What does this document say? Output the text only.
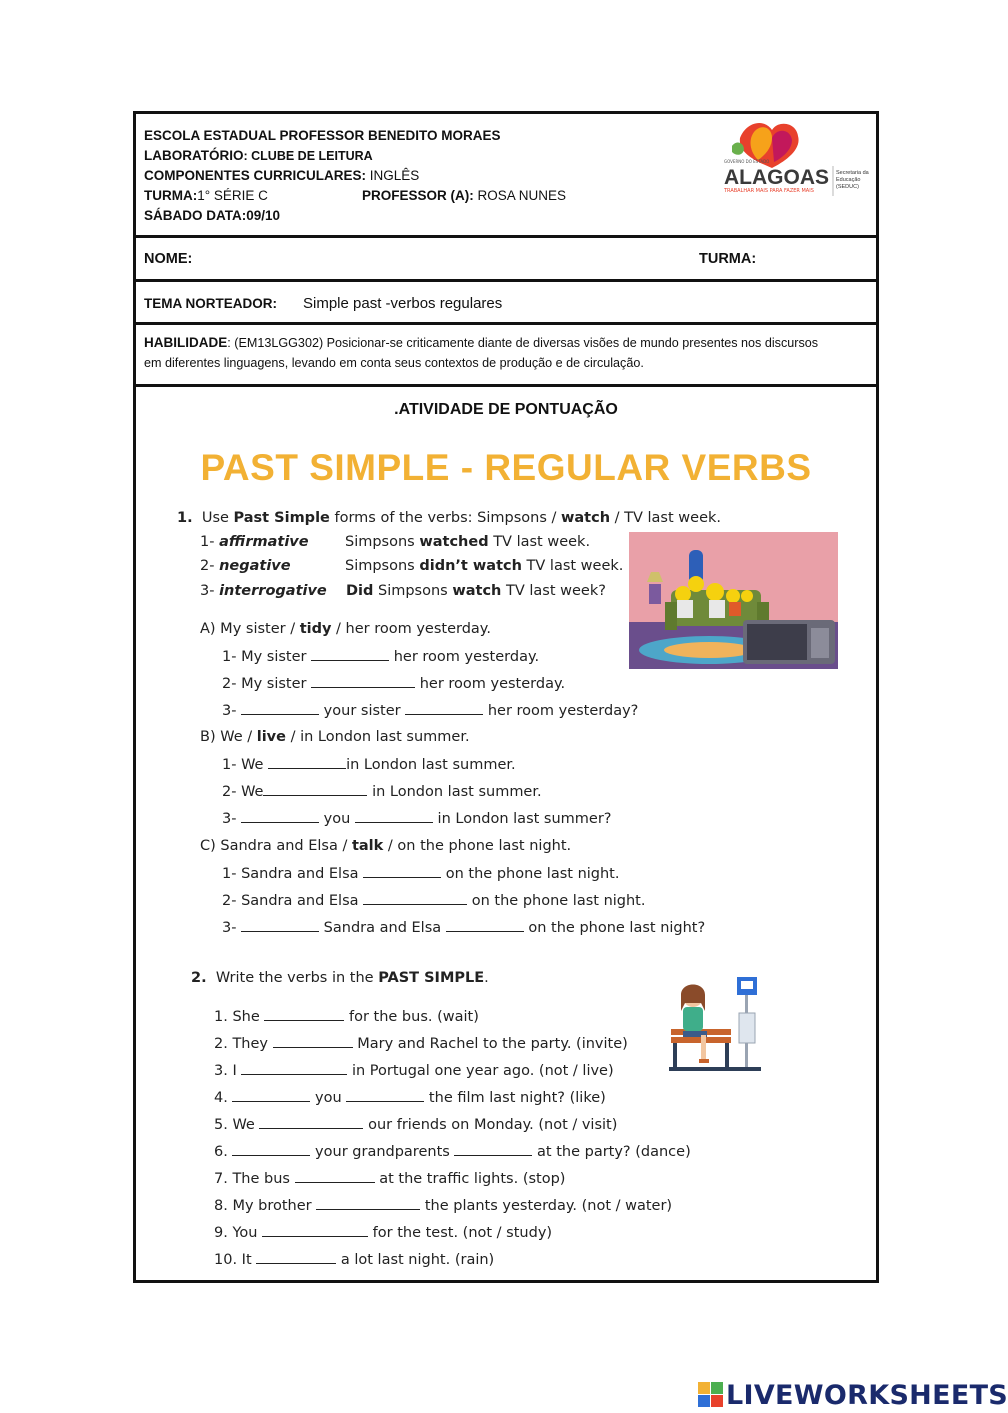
ESCOLA ESTADUAL PROFESSOR BENEDITO MORAES
LABORATÓRIO: CLUBE DE LEITURA
COMPONENTES CURRICULARES: INGLÊS
TURMA:1° SÉRIE C	PROFESSOR (A): ROSA NUNES
SÁBADO DATA:09/10
GOVERNO DO ESTADO
ALAGOAS
TRABALHAR MAIS PARA FAZER MAIS
Secretaria da
Educação
(SEDUC)
NOME:	TURMA:
TEMA NORTEADOR: Simple past -verbos regulares
HABILIDADE: (EM13LGG302) Posicionar-se criticamente diante de diversas visões de mundo presentes nos discursos
em diferentes linguagens, levando em conta seus contextos de produção e de circulação.
.ATIVIDADE DE PONTUAÇÃO
PAST SIMPLE - REGULAR VERBS
1. Use Past Simple forms of the verbs: Simpsons / watch / TV last week.
1- affirmative	Simpsons watched TV last week.
2- negative	Simpsons didn’t watch TV last week.
3- interrogative Did Simpsons watch TV last week?
A) My sister / tidy / her room yesterday.
1- My sister	her room yesterday.
2- My sister	her room yesterday.
3-	your sister	her room yesterday?
B) We / live / in London last summer.
1- We	in London last summer.
2- We	in London last summer.
3-	you	in London last summer?
C) Sandra and Elsa / talk / on the phone last night.
1- Sandra and Elsa	on the phone last night.
2- Sandra and Elsa	on the phone last night.
3-	Sandra and Elsa	on the phone last night?
2. Write the verbs in the PAST SIMPLE.
1. She	for the bus. (wait)
2. They	Mary and Rachel to the party. (invite)
3. I	in Portugal one year ago. (not / live)
4.	you	the film last night? (like)
5. We	our friends on Monday. (not / visit)
6.	your grandparents	at the party? (dance)
7. The bus	at the traffic lights. (stop)
8. My brother	the plants yesterday. (not / water)
9. You	for the test. (not / study)
10. It	a lot last night. (rain)
LIVEWORKSHEETS
